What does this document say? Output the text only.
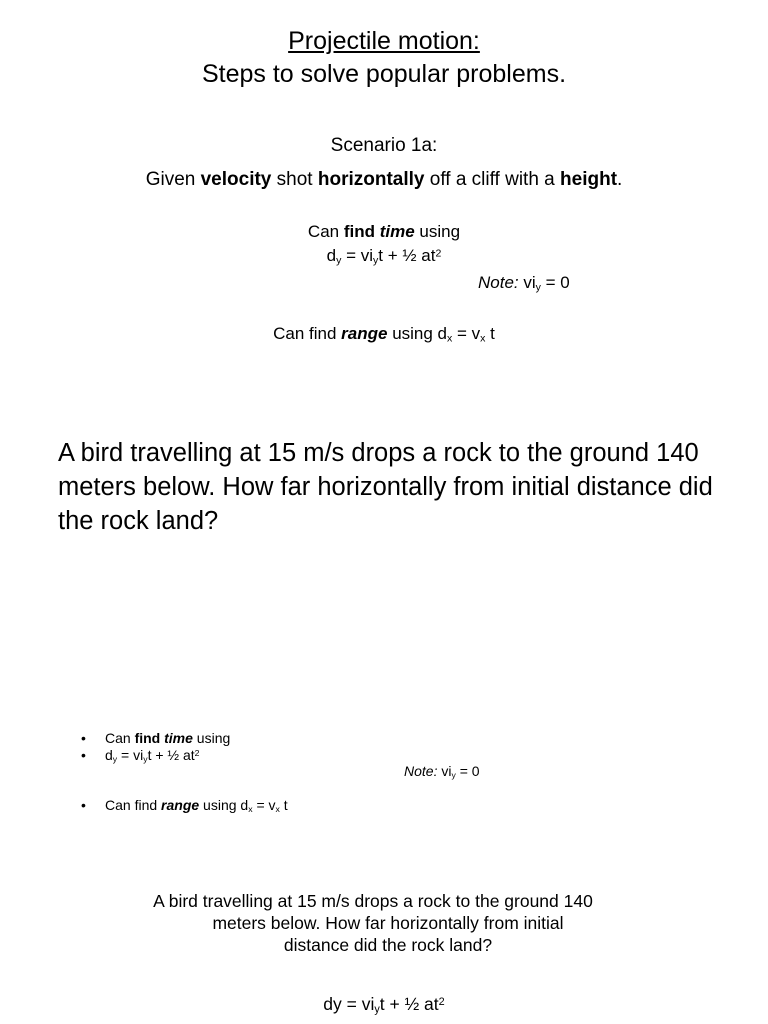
Projectile motion:
Steps to solve popular problems.
Scenario 1a:
Given velocity shot horizontally off a cliff with a height.
Can find time using
$d_y = vi_yt$ + ½ $at^2$
Note: $vi_y = 0$
Can find range using $d_x = v_x$ t
A bird travelling at 15 m/s drops a rock to the ground 140 meters below. How far horizontally from initial distance did the rock land?
• Can find time using
• $d_y = vi_yt$ + ½ $at^2$
Note: $vi_y = 0$
• Can find range using $d_x = v_x$ t
A bird travelling at 15 m/s drops a rock to the ground 140
meters below. How far horizontally from initial
distance did the rock land?
dy = $vi_yt$ + ½ $at^2$
